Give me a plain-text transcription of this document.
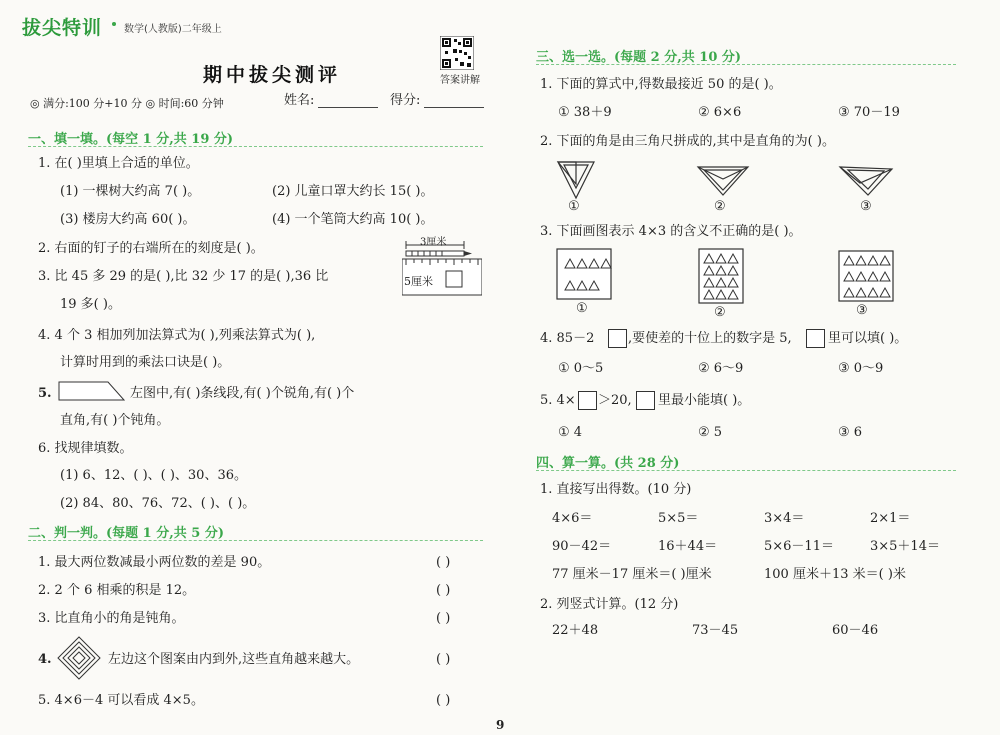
拔尖特训 数学(人教版)二年级上
期中拔尖测评	答案讲解
◎ 满分:100 分+10 分 ◎ 时间:60 分钟	姓名:	得分:
一、填一填。(每空 1 分,共 19 分)
1. 在( )里填上合适的单位。
(1) 一棵树大约高 7( )。	(2) 儿童口罩大约长 15( )。
(3) 楼房大约高 60( )。	(4) 一个笔筒大约高 10( )。
2. 右面的钉子的右端所在的刻度是( )。	3厘米
5厘米
3. 比 45 多 29 的是( ),比 32 少 17 的是( ),36 比
19 多( )。
4. 4 个 3 相加列加法算式为( ),列乘法算式为( ),
计算时用到的乘法口诀是( )。
5.	左图中,有( )条线段,有( )个锐角,有( )个
直角,有( )个钝角。
6. 找规律填数。
(1) 6、12、( )、( )、30、36。
(2) 84、80、76、72、( )、( )。
二、判一判。(每题 1 分,共 5 分)
1. 最大两位数减最小两位数的差是 90。	( )
2. 2 个 6 相乘的积是 12。	( )
3. 比直角小的角是钝角。	( )
4.	左边这个图案由内到外,这些直角越来越大。	( )
5. 4×6－4 可以看成 4×5。	( )
三、选一选。(每题 2 分,共 10 分)
1. 下面的算式中,得数最接近 50 的是( )。
① 38＋9	② 6×6	③ 70－19
2. 下面的角是由三角尺拼成的,其中是直角的为( )。
①	②	③
3. 下面画图表示 4×3 的含义不正确的是( )。
①	②	③
4. 85－2	,要使差的十位上的数字是 5,	里可以填( )。
① 0～5	② 6～9	③ 0～9
5. 4× ＞20, 里最小能填( )。
① 4	② 5	③ 6
四、算一算。(共 28 分)
1. 直接写出得数。(10 分)
4×6＝	5×5＝	3×4＝	2×1＝
90－42＝	16＋44＝	5×6－11＝	3×5＋14＝
77 厘米－17 厘米＝( )厘米	100 厘米＋13 米＝( )米
2. 列竖式计算。(12 分)
22＋48	73－45	60－46
9
